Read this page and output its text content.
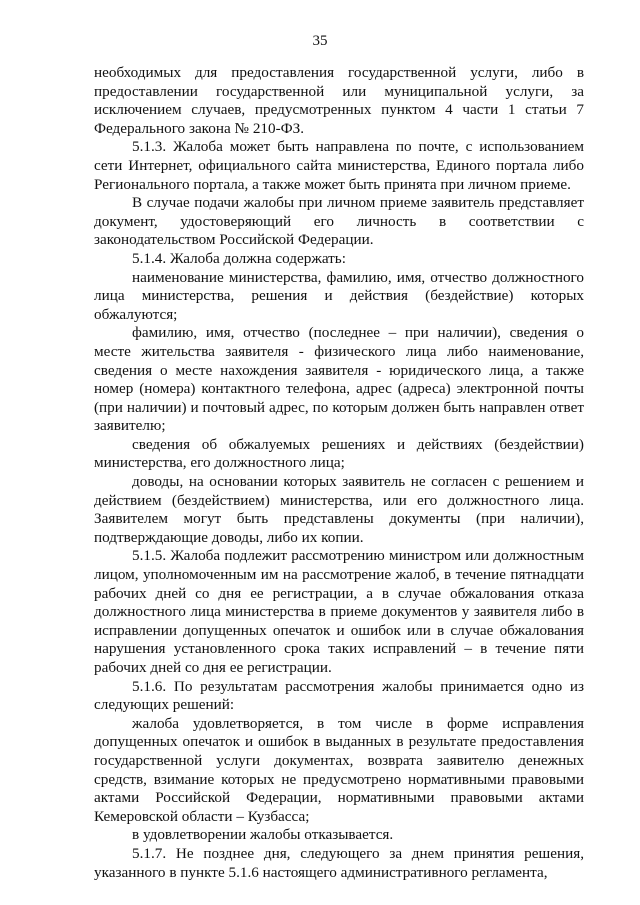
35

необходимых для предоставления государственной услуги, либо в предоставлении государственной или муниципальной услуги, за исключением случаев, предусмотренных пунктом 4 части 1 статьи 7 Федерального закона № 210-ФЗ.

5.1.3. Жалоба может быть направлена по почте, с использованием сети Интернет, официального сайта министерства, Единого портала либо Регионального портала, а также может быть принята при личном приеме.

В случае подачи жалобы при личном приеме заявитель представляет документ, удостоверяющий его личность в соответствии с законодательством Российской Федерации.

5.1.4. Жалоба должна содержать:

наименование министерства, фамилию, имя, отчество должностного лица министерства, решения и действия (бездействие) которых обжалуются;

фамилию, имя, отчество (последнее – при наличии), сведения о месте жительства заявителя - физического лица либо наименование, сведения о месте нахождения заявителя - юридического лица, а также номер (номера) контактного телефона, адрес (адреса) электронной почты (при наличии) и почтовый адрес, по которым должен быть направлен ответ заявителю;

сведения об обжалуемых решениях и действиях (бездействии) министерства, его должностного лица;

доводы, на основании которых заявитель не согласен с решением и действием (бездействием) министерства, или его должностного лица. Заявителем могут быть представлены документы (при наличии), подтверждающие доводы, либо их копии.

5.1.5. Жалоба подлежит рассмотрению министром или должностным лицом, уполномоченным им на рассмотрение жалоб, в течение пятнадцати рабочих дней со дня ее регистрации, а в случае обжалования отказа должностного лица министерства в приеме документов у заявителя либо в исправлении допущенных опечаток и ошибок или в случае обжалования нарушения установленного срока таких исправлений – в течение пяти рабочих дней со дня ее регистрации.

5.1.6. По результатам рассмотрения жалобы принимается одно из следующих решений:

жалоба удовлетворяется, в том числе в форме исправления допущенных опечаток и ошибок в выданных в результате предоставления государственной услуги документах, возврата заявителю денежных средств, взимание которых не предусмотрено нормативными правовыми актами Российской Федерации, нормативными правовыми актами Кемеровской области – Кузбасса;

в удовлетворении жалобы отказывается.

5.1.7. Не позднее дня, следующего за днем принятия решения, указанного в пункте 5.1.6 настоящего административного регламента,
